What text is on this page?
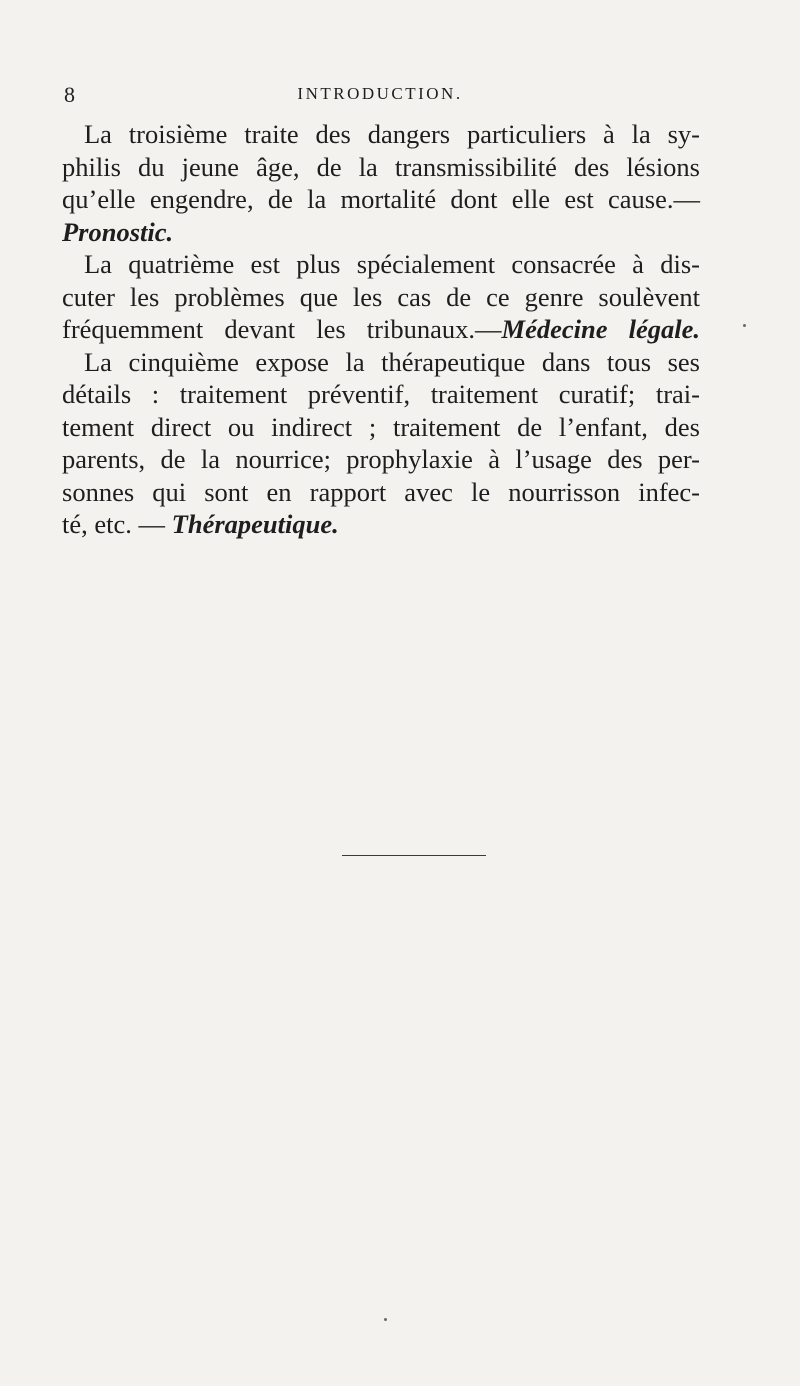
8	INTRODUCTION.
La troisième traite des dangers particuliers à la sy-
philis du jeune âge, de la transmissibilité des lésions
qu’elle engendre, de la mortalité dont elle est cause.—
Pronostic.
La quatrième est plus spécialement consacrée à dis-
cuter les problèmes que les cas de ce genre soulèvent
fréquemment devant les tribunaux.—Médecine légale.
La cinquième expose la thérapeutique dans tous ses
détails : traitement préventif, traitement curatif; trai-
tement direct ou indirect ; traitement de l’enfant, des
parents, de la nourrice; prophylaxie à l’usage des per-
sonnes qui sont en rapport avec le nourrisson infec-
té, etc. — Thérapeutique.
